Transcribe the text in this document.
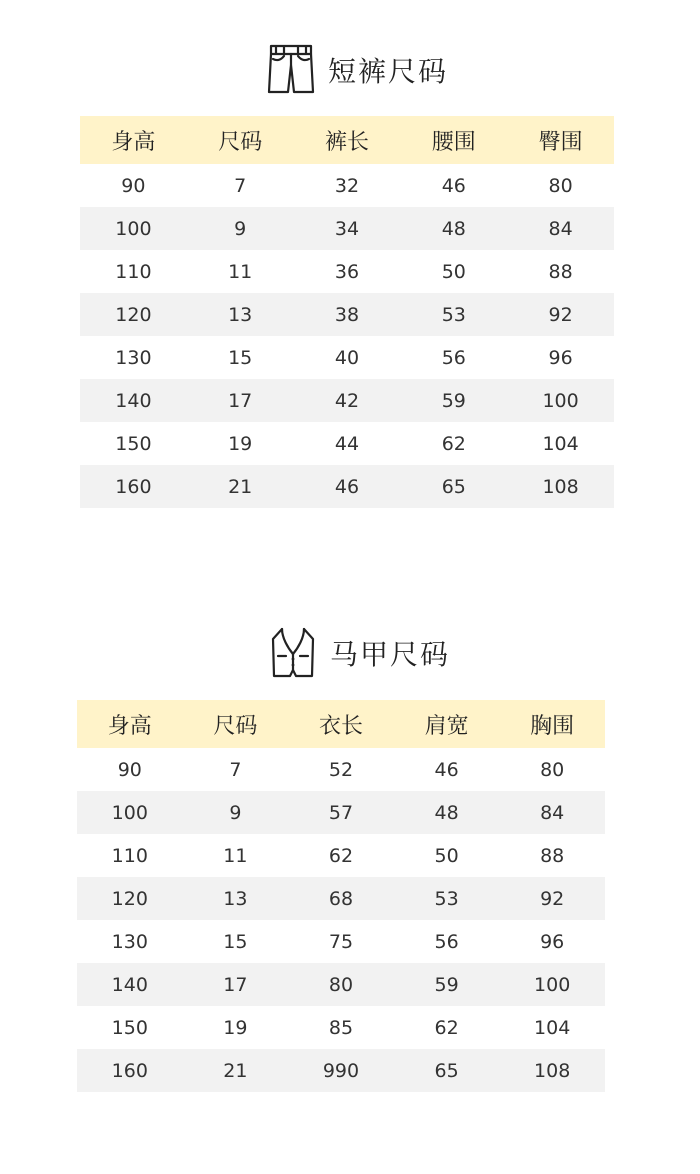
短裤尺码
身高	尺码	裤长	腰围	臀围
90	7	32	46	80
100	9	34	48	84
110	11	36	50	88
120	13	38	53	92
130	15	40	56	96
140	17	42	59	100
150	19	44	62	104
160	21	46	65	108
马甲尺码
身高	尺码	衣长	肩宽	胸围
90	7	52	46	80
100	9	57	48	84
110	11	62	50	88
120	13	68	53	92
130	15	75	56	96
140	17	80	59	100
150	19	85	62	104
160	21	990	65	108
